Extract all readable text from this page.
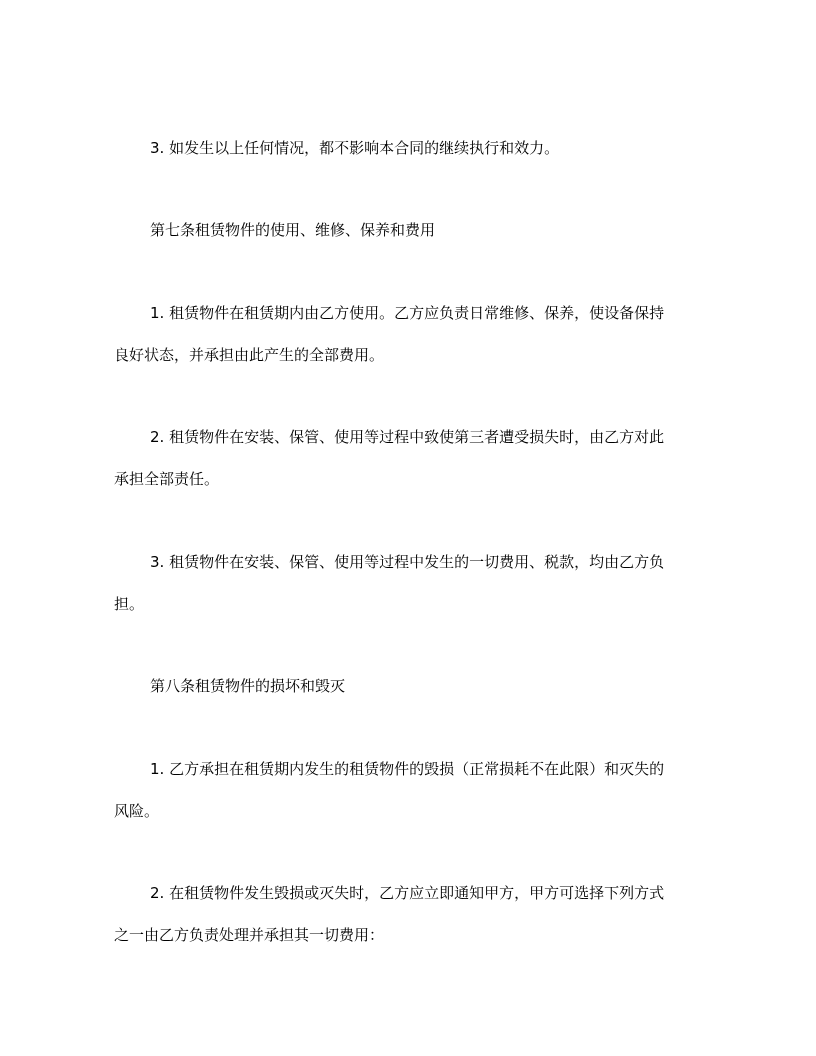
3. 如发生以上任何情况，都不影响本合同的继续执行和效力。
第七条租赁物件的使用、维修、保养和费用
1. 租赁物件在租赁期内由乙方使用。乙方应负责日常维修、保养，使设备保持
良好状态，并承担由此产生的全部费用。
2. 租赁物件在安装、保管、使用等过程中致使第三者遭受损失时，由乙方对此
承担全部责任。
3. 租赁物件在安装、保管、使用等过程中发生的一切费用、税款，均由乙方负
担。
第八条租赁物件的损坏和毁灭
1. 乙方承担在租赁期内发生的租赁物件的毁损（正常损耗不在此限）和灭失的
风险。
2. 在租赁物件发生毁损或灭失时，乙方应立即通知甲方，甲方可选择下列方式
之一由乙方负责处理并承担其一切费用：
